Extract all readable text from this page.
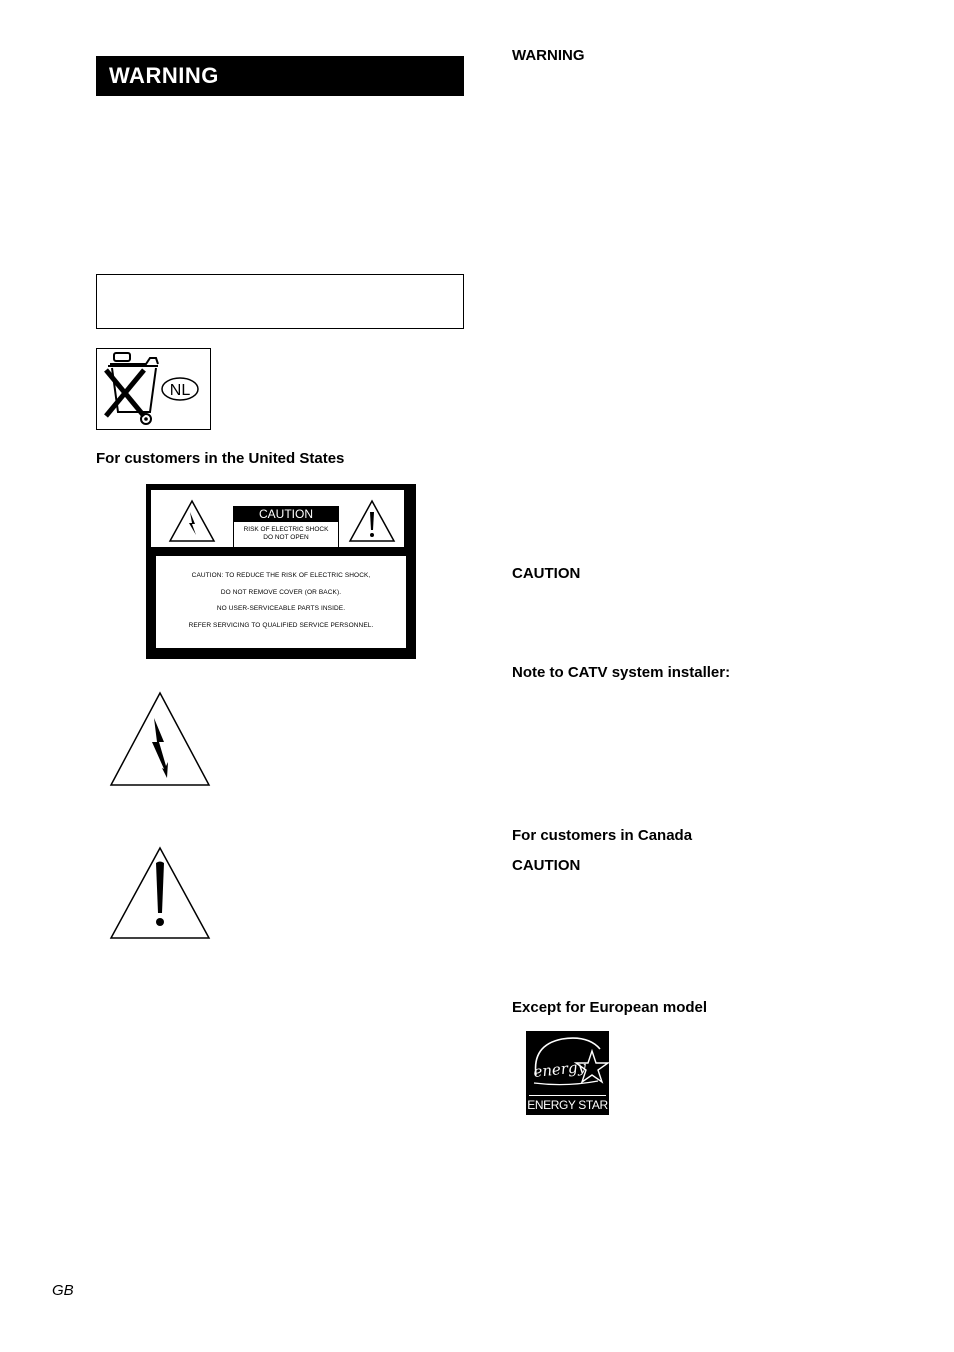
WARNING
NL
For customers in the United States
CAUTION
RISK OF ELECTRIC SHOCK
DO NOT OPEN
CAUTION: TO REDUCE THE RISK OF ELECTRIC SHOCK,
DO NOT REMOVE COVER (OR BACK).
NO USER-SERVICEABLE PARTS INSIDE.
REFER SERVICING TO QUALIFIED SERVICE PERSONNEL.
WARNING
CAUTION
Note to CATV system installer:
For customers in Canada
CAUTION
Except for European model
energy
ENERGY STAR
GB
